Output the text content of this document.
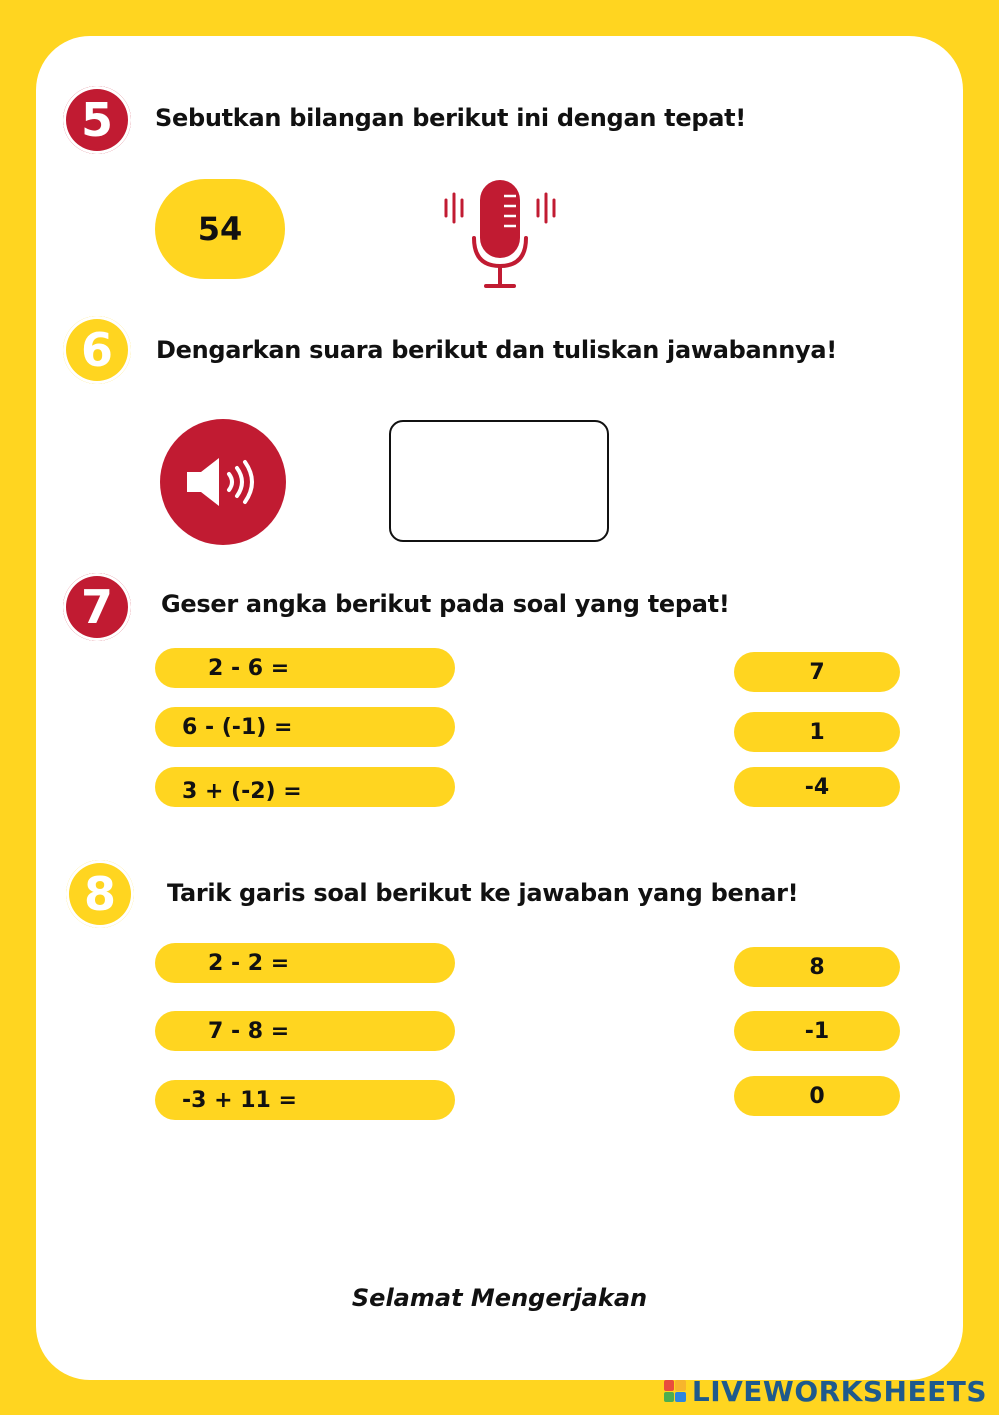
5	Sebutkan bilangan berikut ini dengan tepat!
54
6	Dengarkan suara berikut dan tuliskan jawabannya!
7	Geser angka berikut pada soal yang tepat!
2 - 6 =
6 - (-1) =
3 + (-2) =
7
1
-4
8	Tarik garis soal berikut ke jawaban yang benar!
2 - 2 =
7 - 8 =
-3 + 11 =
8
-1
0
Selamat Mengerjakan
LIVEWORKSHEETS
